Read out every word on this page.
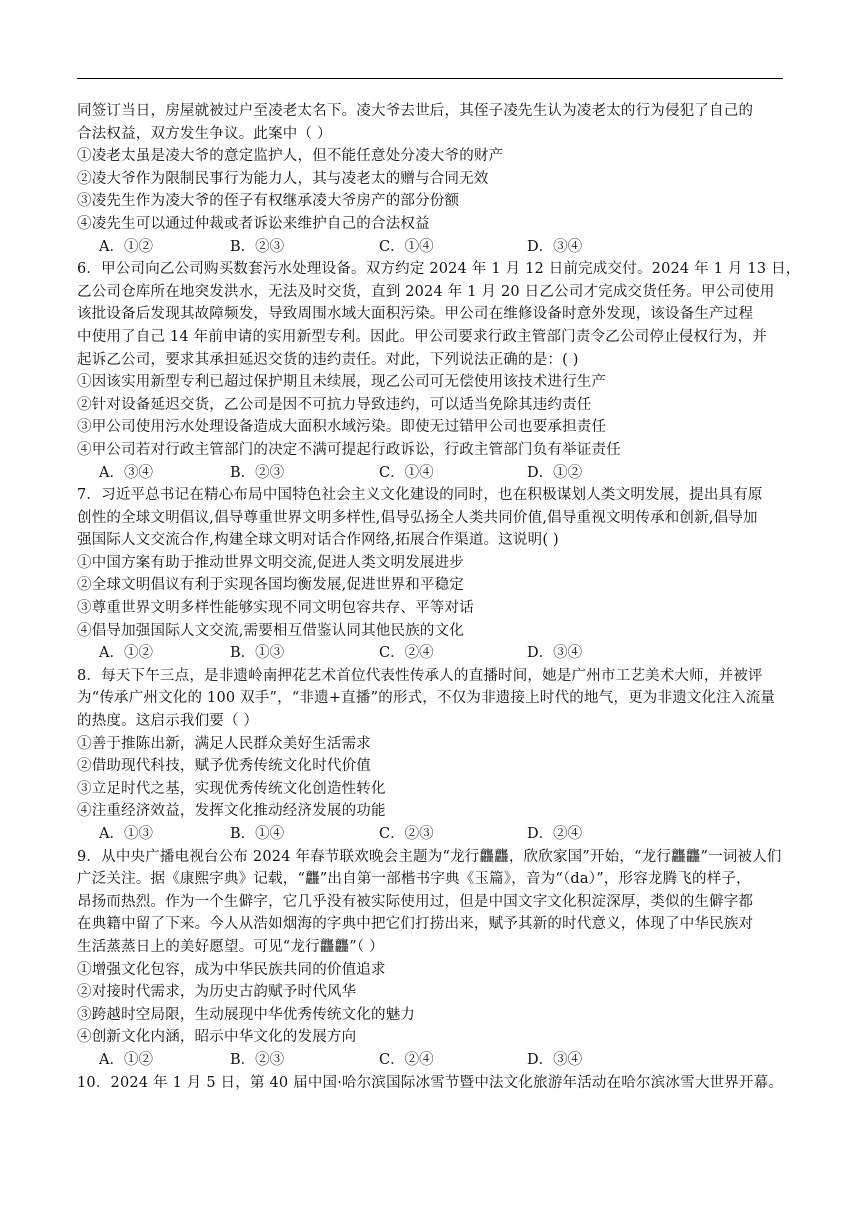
同签订当日，房屋就被过户至凌老太名下。凌大爷去世后，其侄子凌先生认为凌老太的行为侵犯了自己的
合法权益，双方发生争议。此案中（ ）
①凌老太虽是凌大爷的意定监护人，但不能任意处分凌大爷的财产
②凌大爷作为限制民事行为能力人，其与凌老太的赠与合同无效
③凌先生作为凌大爷的侄子有权继承凌大爷房产的部分份额
④凌先生可以通过仲裁或者诉讼来维护自己的合法权益
A．①②	B．②③	C．①④	D．③④
6．甲公司向乙公司购买数套污水处理设备。双方约定 2024 年 1 月 12 日前完成交付。2024 年 1 月 13 日，
乙公司仓库所在地突发洪水，无法及时交货，直到 2024 年 1 月 20 日乙公司才完成交货任务。甲公司使用
该批设备后发现其故障频发，导致周围水域大面积污染。甲公司在维修设备时意外发现，该设备生产过程
中使用了自己 14 年前申请的实用新型专利。因此。甲公司要求行政主管部门责令乙公司停止侵权行为，并
起诉乙公司，要求其承担延迟交货的违约责任。对此，下列说法正确的是：( )
①因该实用新型专利已超过保护期且未续展，现乙公司可无偿使用该技术进行生产
②针对设备延迟交货，乙公司是因不可抗力导致违约，可以适当免除其违约责任
③甲公司使用污水处理设备造成大面积水域污染。即使无过错甲公司也要承担责任
④甲公司若对行政主管部门的决定不满可提起行政诉讼，行政主管部门负有举证责任
A．③④	B．②③	C．①④	D．①②
7．习近平总书记在精心布局中国特色社会主义文化建设的同时，也在积极谋划人类文明发展，提出具有原
创性的全球文明倡议,倡导尊重世界文明多样性,倡导弘扬全人类共同价值,倡导重视文明传承和创新,倡导加
强国际人文交流合作,构建全球文明对话合作网络,拓展合作渠道。这说明( )
①中国方案有助于推动世界文明交流,促进人类文明发展进步
②全球文明倡议有利于实现各国均衡发展,促进世界和平稳定
③尊重世界文明多样性能够实现不同文明包容共存、平等对话
④倡导加强国际人文交流,需要相互借鉴认同其他民族的文化
A．①②	B．①③	C．②④	D．③④
8．每天下午三点，是非遗岭南押花艺术首位代表性传承人的直播时间，她是广州市工艺美术大师，并被评
为“传承广州文化的 100 双手”，“非遗+直播”的形式，不仅为非遗接上时代的地气，更为非遗文化注入流量
的热度。这启示我们要（ ）
①善于推陈出新，满足人民群众美好生活需求
②借助现代科技，赋予优秀传统文化时代价值
③立足时代之基，实现优秀传统文化创造性转化
④注重经济效益，发挥文化推动经济发展的功能
A．①③	B．①④	C．②③	D．②④
9．从中央广播电视台公布 2024 年春节联欢晚会主题为“龙行龘龘，欣欣家国”开始，“龙行龘龘”一词被人们
广泛关注。据《康熙字典》记载，“龘”出自第一部楷书字典《玉篇》，音为“（da）”，形容龙腾飞的样子，
昂扬而热烈。作为一个生僻字，它几乎没有被实际使用过，但是中国文字文化积淀深厚，类似的生僻字都
在典籍中留了下来。今人从浩如烟海的字典中把它们打捞出来，赋予其新的时代意义，体现了中华民族对
生活蒸蒸日上的美好愿望。可见“龙行龘龘”（ ）
①增强文化包容，成为中华民族共同的价值追求
②对接时代需求，为历史古韵赋予时代风华
③跨越时空局限，生动展现中华优秀传统文化的魅力
④创新文化内涵，昭示中华文化的发展方向
A．①②	B．②③	C．②④	D．③④
10．2024 年 1 月 5 日，第 40 届中国·哈尔滨国际冰雪节暨中法文化旅游年活动在哈尔滨冰雪大世界开幕。
